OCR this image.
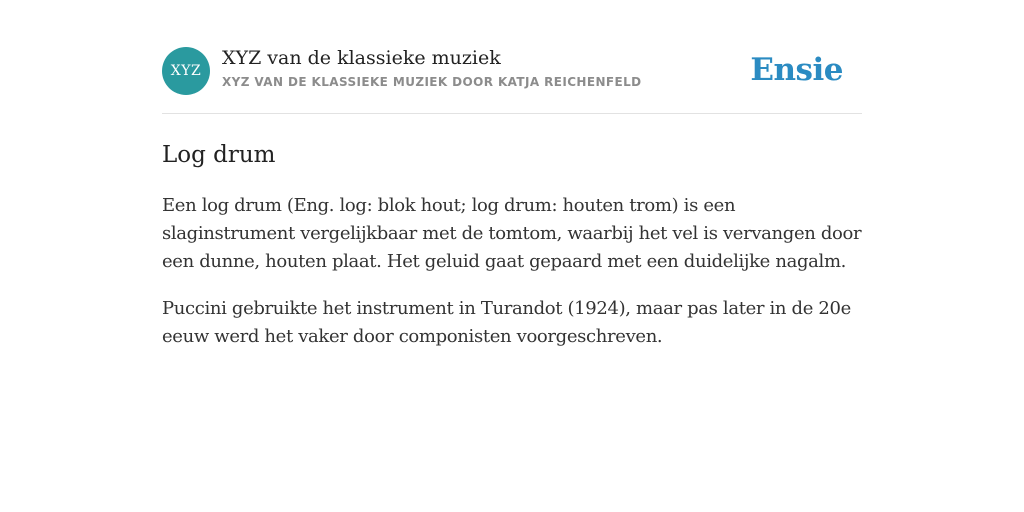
XYZ
XYZ van de klassieke muziek
XYZ VAN DE KLASSIEKE MUZIEK DOOR KATJA REICHENFELD	Ensie
Log drum

Een log drum (Eng. log: blok hout; log drum: houten trom) is een slaginstrument vergelijkbaar met de tomtom, waarbij het vel is vervangen door een dunne, houten plaat. Het geluid gaat gepaard met een duidelijke nagalm.

Puccini gebruikte het instrument in Turandot (1924), maar pas later in de 20e eeuw werd het vaker door componisten voorgeschreven.
